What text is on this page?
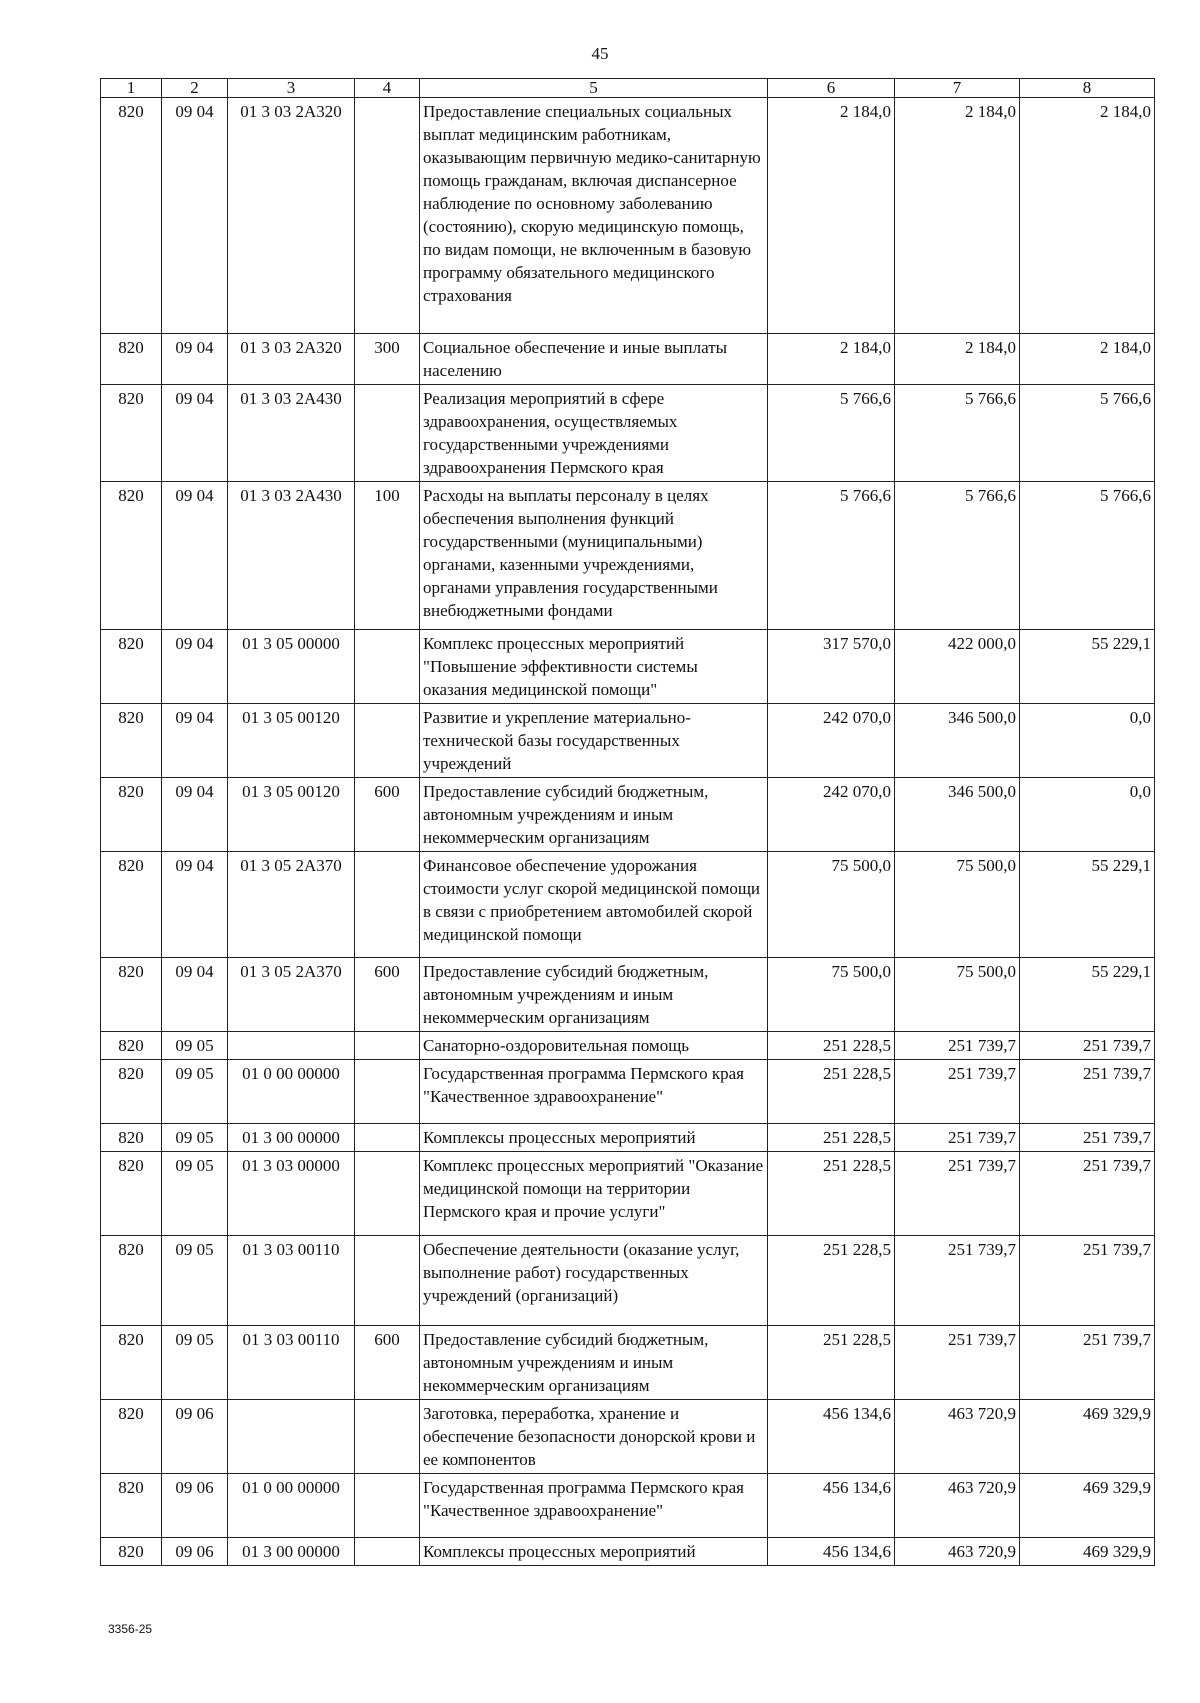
45
1	2	3	4	5	6	7	8
820	09 04	01 3 03 2А320		Предоставление специальных социальных выплат медицинским работникам, оказывающим первичную медико-санитарную помощь гражданам, включая диспансерное наблюдение по основному заболеванию (состоянию), скорую медицинскую помощь, по видам помощи, не включенным в базовую программу обязательного медицинского страхования	2 184,0	2 184,0	2 184,0
820	09 04	01 3 03 2А320	300	Социальное обеспечение и иные выплаты населению	2 184,0	2 184,0	2 184,0
820	09 04	01 3 03 2А430		Реализация мероприятий в сфере здравоохранения, осуществляемых государственными учреждениями здравоохранения Пермского края	5 766,6	5 766,6	5 766,6
820	09 04	01 3 03 2А430	100	Расходы на выплаты персоналу в целях обеспечения выполнения функций государственными (муниципальными) органами, казенными учреждениями, органами управления государственными внебюджетными фондами	5 766,6	5 766,6	5 766,6
820	09 04	01 3 05 00000		Комплекс процессных мероприятий "Повышение эффективности системы оказания медицинской помощи"	317 570,0	422 000,0	55 229,1
820	09 04	01 3 05 00120		Развитие и укрепление материально-технической базы государственных учреждений	242 070,0	346 500,0	0,0
820	09 04	01 3 05 00120	600	Предоставление субсидий бюджетным, автономным учреждениям и иным некоммерческим организациям	242 070,0	346 500,0	0,0
820	09 04	01 3 05 2А370		Финансовое обеспечение удорожания стоимости услуг скорой медицинской помощи в связи с приобретением автомобилей скорой медицинской помощи	75 500,0	75 500,0	55 229,1
820	09 04	01 3 05 2А370	600	Предоставление субсидий бюджетным, автономным учреждениям и иным некоммерческим организациям	75 500,0	75 500,0	55 229,1
820	09 05			Санаторно-оздоровительная помощь	251 228,5	251 739,7	251 739,7
820	09 05	01 0 00 00000		Государственная программа Пермского края "Качественное здравоохранение"	251 228,5	251 739,7	251 739,7
820	09 05	01 3 00 00000		Комплексы процессных мероприятий	251 228,5	251 739,7	251 739,7
820	09 05	01 3 03 00000		Комплекс процессных мероприятий "Оказание медицинской помощи на территории Пермского края и прочие услуги"	251 228,5	251 739,7	251 739,7
820	09 05	01 3 03 00110		Обеспечение деятельности (оказание услуг, выполнение работ) государственных учреждений (организаций)	251 228,5	251 739,7	251 739,7
820	09 05	01 3 03 00110	600	Предоставление субсидий бюджетным, автономным учреждениям и иным некоммерческим организациям	251 228,5	251 739,7	251 739,7
820	09 06			Заготовка, переработка, хранение и обеспечение безопасности донорской крови и ее компонентов	456 134,6	463 720,9	469 329,9
820	09 06	01 0 00 00000		Государственная программа Пермского края "Качественное здравоохранение"	456 134,6	463 720,9	469 329,9
820	09 06	01 3 00 00000		Комплексы процессных мероприятий	456 134,6	463 720,9	469 329,9
3356-25
